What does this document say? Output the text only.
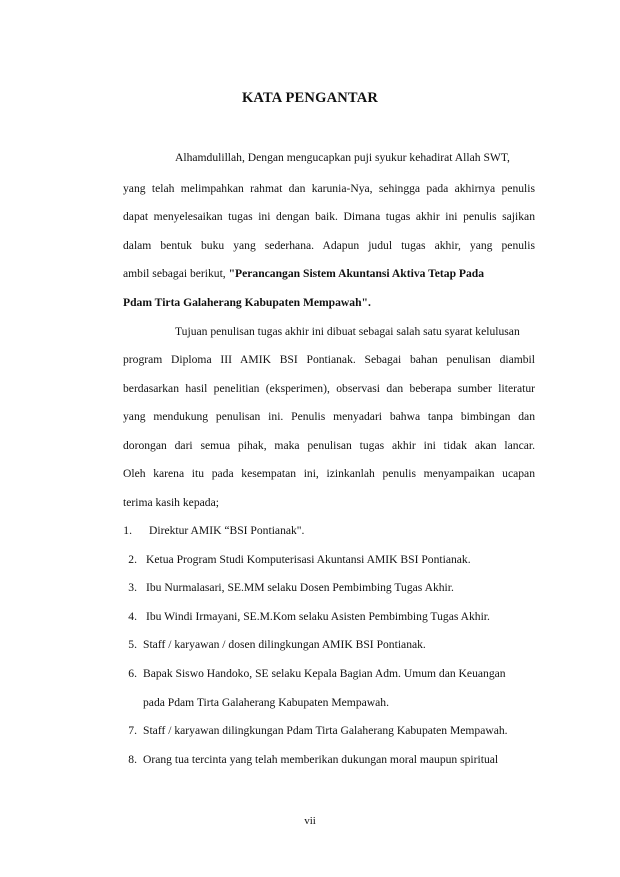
KATA PENGANTAR
Alhamdulillah, Dengan mengucapkan puji syukur kehadirat Allah SWT,
yang telah melimpahkan rahmat dan karunia-Nya, sehingga pada akhirnya penulis
dapat menyelesaikan tugas ini dengan baik. Dimana tugas akhir ini penulis sajikan
dalam bentuk buku yang sederhana. Adapun judul tugas akhir, yang penulis
ambil sebagai berikut, "Perancangan Sistem Akuntansi Aktiva Tetap Pada
Pdam Tirta Galaherang Kabupaten Mempawah".
Tujuan penulisan tugas akhir ini dibuat sebagai salah satu syarat kelulusan
program Diploma III AMIK BSI Pontianak. Sebagai bahan penulisan diambil
berdasarkan hasil penelitian (eksperimen), observasi dan beberapa sumber literatur
yang mendukung penulisan ini. Penulis menyadari bahwa tanpa bimbingan dan
dorongan dari semua pihak, maka penulisan tugas akhir ini tidak akan lancar.
Oleh karena itu pada kesempatan ini, izinkanlah penulis menyampaikan ucapan
terima kasih kepada;
1. Direktur AMIK “BSI Pontianak".
2. Ketua Program Studi Komputerisasi Akuntansi AMIK BSI Pontianak.
3. Ibu Nurmalasari, SE.MM selaku Dosen Pembimbing Tugas Akhir.
4. Ibu Windi Irmayani, SE.M.Kom selaku Asisten Pembimbing Tugas Akhir.
5. Staff / karyawan / dosen dilingkungan AMIK BSI Pontianak.
6. Bapak Siswo Handoko, SE selaku Kepala Bagian Adm. Umum dan Keuangan
pada Pdam Tirta Galaherang Kabupaten Mempawah.
7. Staff / karyawan dilingkungan Pdam Tirta Galaherang Kabupaten Mempawah.
8. Orang tua tercinta yang telah memberikan dukungan moral maupun spiritual
vii
